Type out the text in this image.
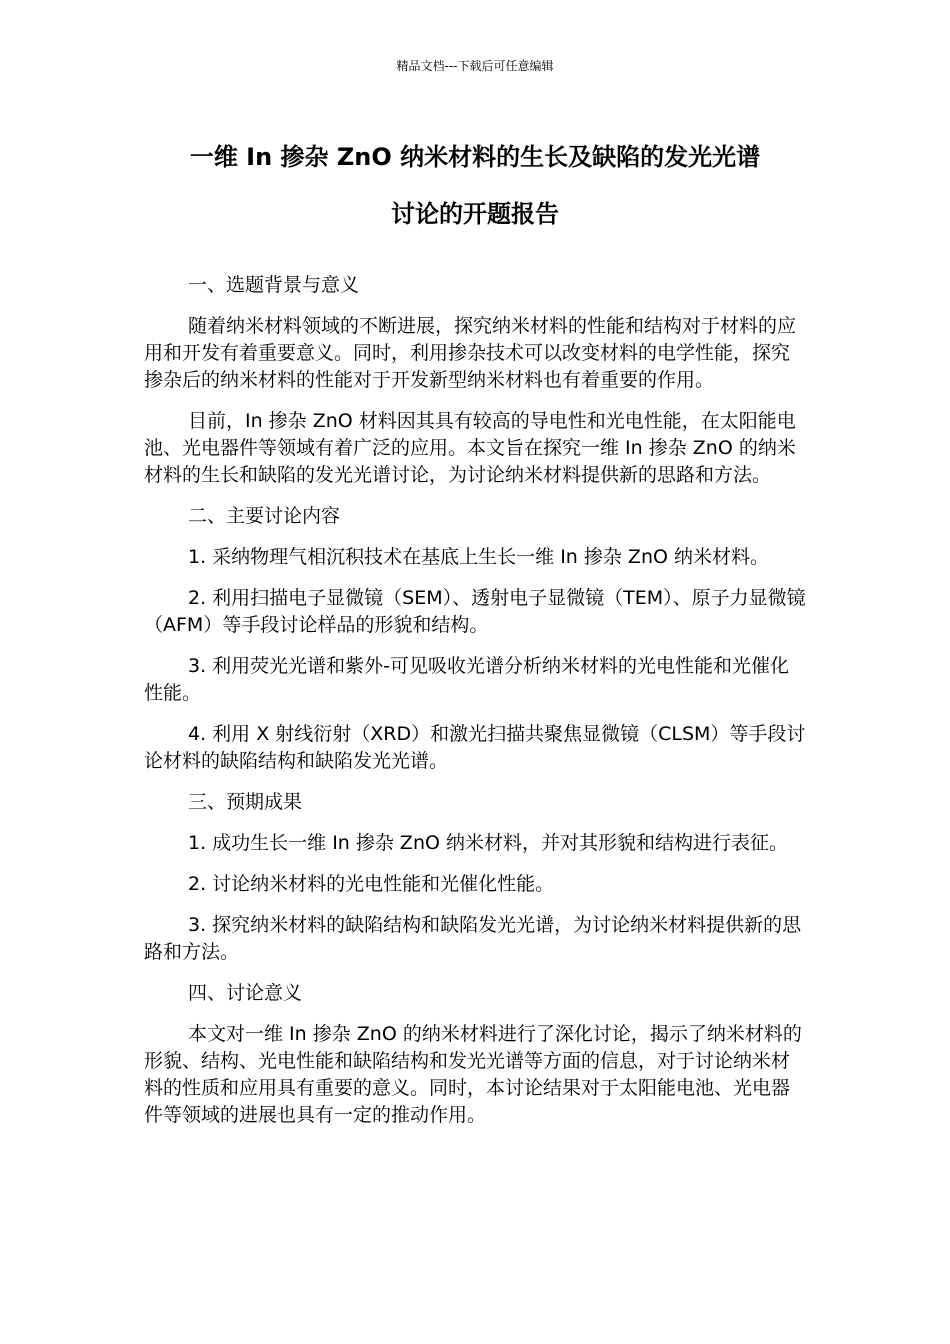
精品文档---下载后可任意编辑
一维 In 掺杂 ZnO 纳米材料的生长及缺陷的发光光谱
讨论的开题报告

一、选题背景与意义

随着纳米材料领域的不断进展，探究纳米材料的性能和结构对于材料的应用和开发有着重要意义。同时，利用掺杂技术可以改变材料的电学性能，探究掺杂后的纳米材料的性能对于开发新型纳米材料也有着重要的作用。

目前，In 掺杂 ZnO 材料因其具有较高的导电性和光电性能，在太阳能电池、光电器件等领域有着广泛的应用。本文旨在探究一维 In 掺杂 ZnO 的纳米材料的生长和缺陷的发光光谱讨论，为讨论纳米材料提供新的思路和方法。

二、主要讨论内容

1. 采纳物理气相沉积技术在基底上生长一维 In 掺杂 ZnO 纳米材料。

2. 利用扫描电子显微镜（SEM）、透射电子显微镜（TEM）、原子力显微镜（AFM）等手段讨论样品的形貌和结构。

3. 利用荧光光谱和紫外-可见吸收光谱分析纳米材料的光电性能和光催化性能。

4. 利用 X 射线衍射（XRD）和激光扫描共聚焦显微镜（CLSM）等手段讨论材料的缺陷结构和缺陷发光光谱。

三、预期成果

1. 成功生长一维 In 掺杂 ZnO 纳米材料，并对其形貌和结构进行表征。

2. 讨论纳米材料的光电性能和光催化性能。

3. 探究纳米材料的缺陷结构和缺陷发光光谱，为讨论纳米材料提供新的思路和方法。

四、讨论意义

本文对一维 In 掺杂 ZnO 的纳米材料进行了深化讨论，揭示了纳米材料的形貌、结构、光电性能和缺陷结构和发光光谱等方面的信息，对于讨论纳米材料的性质和应用具有重要的意义。同时，本讨论结果对于太阳能电池、光电器件等领域的进展也具有一定的推动作用。
